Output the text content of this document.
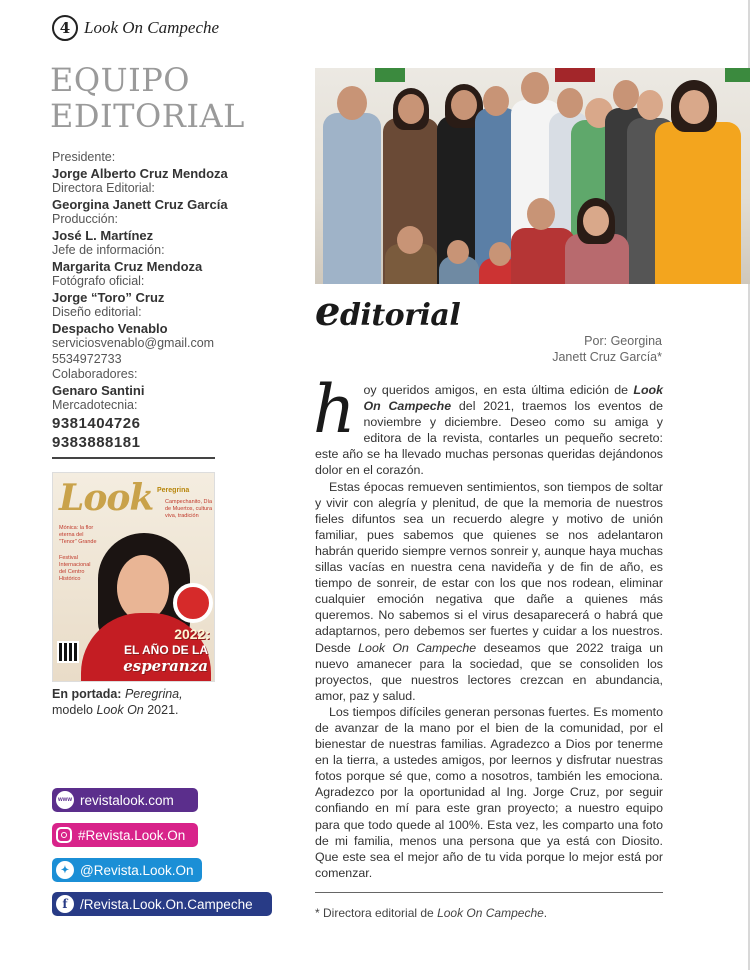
4 Look On Campeche
EQUIPO
EDITORIAL
Presidente:
Jorge Alberto Cruz Mendoza
Directora Editorial:
Georgina Janett Cruz García
Producción:
José L. Martínez
Jefe de información:
Margarita Cruz Mendoza
Fotógrafo oficial:
Jorge “Toro” Cruz
Diseño editorial:
Despacho Venablo
serviciosvenablo@gmail.com
5534972733
Colaboradores:
Genaro Santini
Mercadotecnia:
9381404726
9383888181
Look Peregrina
Mónica: la flor eterna del "Tenor" Grande
Campechanito, Día de Muertos, cultura viva, tradición
Festival Internacional del Centro Histórico
2022:
EL AÑO DE LA
esperanza
En portada: Peregrina,
modelo Look On 2021.
www revistalook.com
#Revista.Look.On
✦ @Revista.Look.On
f /Revista.Look.On.Campeche
editorial
Por: Georgina
Janett Cruz García*

hoy queridos amigos, en esta última edición de Look On Campeche del 2021, traemos los eventos de noviembre y diciembre. Deseo como su amiga y editora de la revista, contarles un pequeño secreto: este año se ha llevado muchas personas queridas dejándonos dolor en el corazón.

Estas épocas remueven sentimientos, son tiempos de soltar y vivir con alegría y plenitud, de que la memoria de nuestros fieles difuntos sea un recuerdo alegre y motivo de unión familiar, pues sabemos que quienes se nos adelantaron habrán querido siempre vernos sonreir y, aunque haya muchas sillas vacías en nuestra cena navideña y de fin de año, es tiempo de sonreir, de estar con los que nos rodean, eliminar cualquier emoción negativa que dañe a quienes más queremos. No sabemos si el virus desaparecerá o habrá que adaptarnos, pero debemos ser fuertes y cuidar a los nuestros. Desde Look On Campeche deseamos que 2022 traiga un nuevo amanecer para la sociedad, que se consoliden los proyectos, que nuestros lectores crezcan en abundancia, amor, paz y salud.

Los tiempos difíciles generan personas fuertes. Es momento de avanzar de la mano por el bien de la comunidad, por el bienestar de nuestras familias. Agradezco a Dios por tenerme en la tierra, a ustedes amigos, por leernos y disfrutar nuestras fotos porque sé que, como a nosotros, también les emociona. Agradezco por la oportunidad al Ing. Jorge Cruz, por seguir confiando en mí para este gran proyecto; a nuestro equipo para que todo quede al 100%. Esta vez, les comparto una foto de mi familia, menos una persona que ya está con Diosito. Que este sea el mejor año de tu vida porque lo mejor está por comenzar.

* Directora editorial de Look On Campeche.
